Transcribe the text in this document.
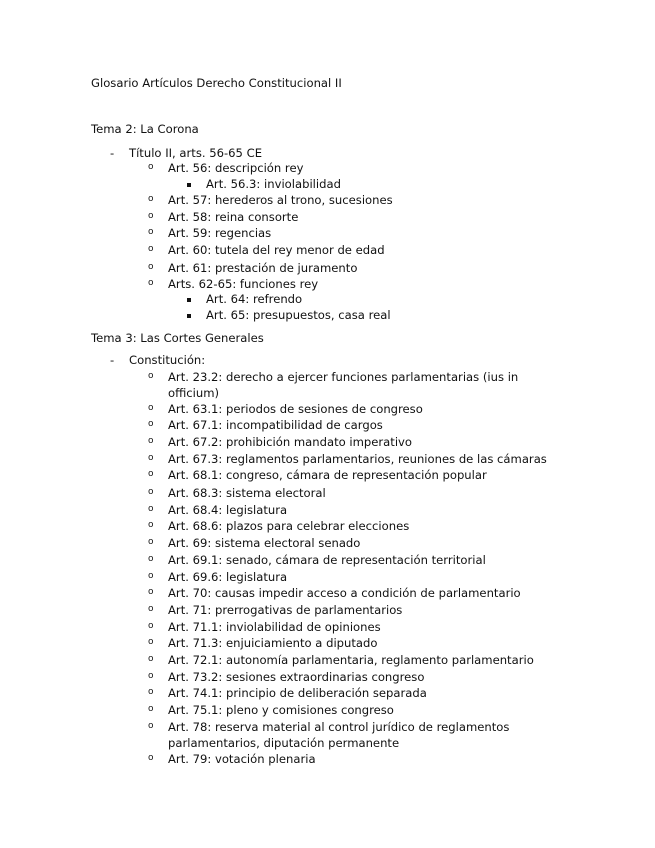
Glosario Artículos Derecho Constitucional II
Tema 2: La Corona
- Título II, arts. 56-65 CE
o Art. 56: descripción rey
Art. 56.3: inviolabilidad
o Art. 57: herederos al trono, sucesiones
o Art. 58: reina consorte
o Art. 59: regencias
o Art. 60: tutela del rey menor de edad
o Art. 61: prestación de juramento
o Arts. 62-65: funciones rey
Art. 64: refrendo
Art. 65: presupuestos, casa real
Tema 3: Las Cortes Generales
- Constitución:
o Art. 23.2: derecho a ejercer funciones parlamentarias (ius in officium)
o Art. 63.1: periodos de sesiones de congreso
o Art. 67.1: incompatibilidad de cargos
o Art. 67.2: prohibición mandato imperativo
o Art. 67.3: reglamentos parlamentarios, reuniones de las cámaras
o Art. 68.1: congreso, cámara de representación popular
o Art. 68.3: sistema electoral
o Art. 68.4: legislatura
o Art. 68.6: plazos para celebrar elecciones
o Art. 69: sistema electoral senado
o Art. 69.1: senado, cámara de representación territorial
o Art. 69.6: legislatura
o Art. 70: causas impedir acceso a condición de parlamentario
o Art. 71: prerrogativas de parlamentarios
o Art. 71.1: inviolabilidad de opiniones
o Art. 71.3: enjuiciamiento a diputado
o Art. 72.1: autonomía parlamentaria, reglamento parlamentario
o Art. 73.2: sesiones extraordinarias congreso
o Art. 74.1: principio de deliberación separada
o Art. 75.1: pleno y comisiones congreso
o Art. 78: reserva material al control jurídico de reglamentos parlamentarios, diputación permanente
o Art. 79: votación plenaria
